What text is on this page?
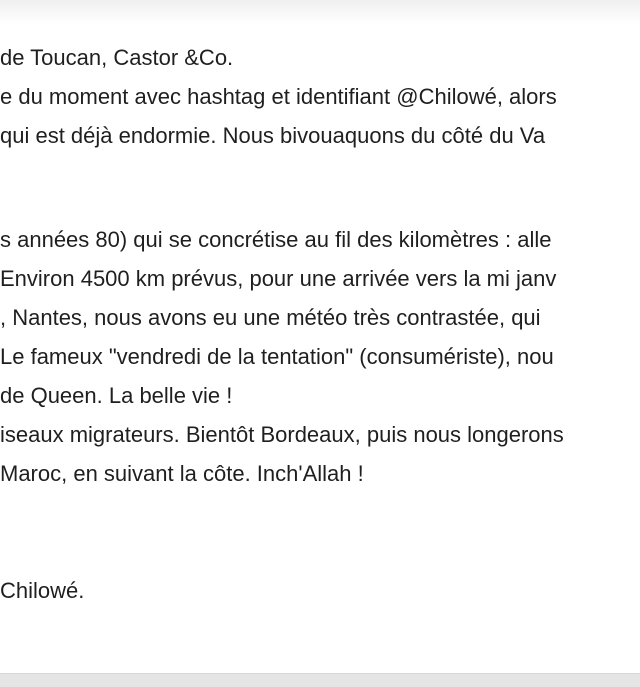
de Toucan, Castor &Co.

e du moment avec hashtag et identifiant @Chilowé, alors

qui est déjà endormie. Nous bivouaquons du côté du Va

s années 80) qui se concrétise au fil des kilomètres : alle

Environ 4500 km prévus, pour une arrivée vers la mi janv

, Nantes, nous avons eu une météo très contrastée, qui

Le fameux "vendredi de la tentation" (consumériste), nou

de Queen. La belle vie !

iseaux migrateurs. Bientôt Bordeaux, puis nous longerons

Maroc, en suivant la côte. Inch'Allah !

Chilowé.
